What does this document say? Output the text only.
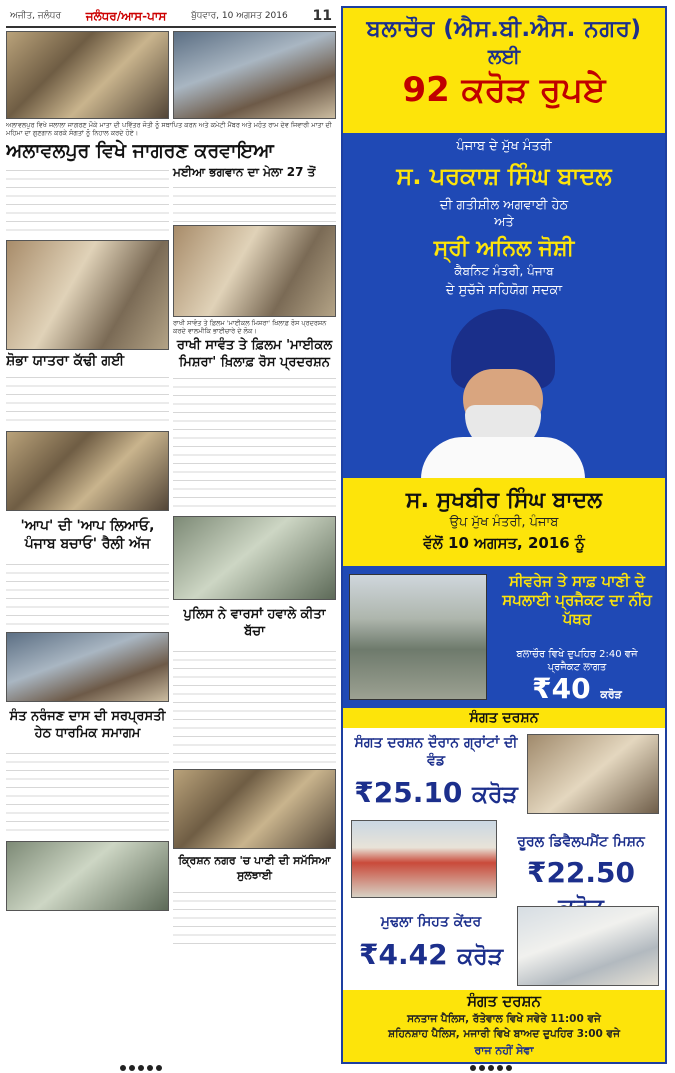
ਅਜੀਤ, ਜਲੰਧਰ ਜਲੰਧਰ/ਆਸ-ਪਾਸ	ਬੁੱਧਵਾਰ, 10 ਅਗਸਤ 2016 11
ਅਲਾਵਲਪੁਰ ਵਿਖੇ ਜਲਾਲਾ ਜਾਗਰਣ ਮੌਕੇ ਮਾਤਾ ਦੀ ਪਵਿੱਤਰ ਜੋਤੀ ਨੂੰ ਸਥਾਪਿਤ ਕਰਨ ਅਤੇ ਕਮੇਟੀ ਮੈਂਬਰ ਅਤੇ ਮਹੰਤ ਰਾਮ ਦੇਵ ਜਿਵਾਰੀ ਮਾਤਾ ਦੀ ਮਹਿਮਾ ਦਾ ਗੁਣਗਾਨ ਕਰਕੇ ਸੰਗਤਾਂ ਨੂੰ ਨਿਹਾਲ ਕਰਦੇ ਹੋਏ।
ਅਲਾਵਲਪੁਰ ਵਿਖੇ ਜਾਗਰਣ ਕਰਵਾਇਆ
ਸ਼ੋਭਾ ਯਾਤਰਾ ਕੱਢੀ ਗਈ
'ਆਪ' ਦੀ 'ਆਪ ਲਿਆਓ, ਪੰਜਾਬ ਬਚਾਓ' ਰੈਲੀ ਅੱਜ
ਸੰਤ ਨਰੰਜਣ ਦਾਸ ਦੀ ਸਰਪ੍ਰਸਤੀ ਹੇਠ ਧਾਰਮਿਕ ਸਮਾਗਮ
ਮਈਆ ਭਗਵਾਨ ਦਾ ਮੇਲਾ 27 ਤੋਂ
ਰਾਖੀ ਸਾਵੰਤ ਤੇ ਫ਼ਿਲਮ 'ਮਾਈਕਲ ਮਿਸ਼ਰਾ' ਖ਼ਿਲਾਫ਼ ਰੋਸ ਪ੍ਰਦਰਸ਼ਨ ਕਰਦੇ ਵਾਲਮੀਕਿ ਭਾਈਚਾਰੇ ਦੇ ਲੋਕ।
ਰਾਖੀ ਸਾਵੰਤ ਤੇ ਫ਼ਿਲਮ 'ਮਾਈਕਲ ਮਿਸ਼ਰਾ' ਖ਼ਿਲਾਫ਼ ਰੋਸ ਪ੍ਰਦਰਸ਼ਨ
ਪੁਲਿਸ ਨੇ ਵਾਰਸਾਂ ਹਵਾਲੇ ਕੀਤਾ ਬੱਚਾ
ਕ੍ਰਿਸ਼ਨ ਨਗਰ 'ਚ ਪਾਣੀ ਦੀ ਸਮੱਸਿਆ ਸੁਲਝਾਈ
ਬਲਾਚੌਰ (ਐਸ.ਬੀ.ਐਸ. ਨਗਰ)
ਲਈ
92 ਕਰੋੜ ਰੁਪਏ
ਪੰਜਾਬ ਦੇ ਮੁੱਖ ਮੰਤਰੀ
ਸ. ਪਰਕਾਸ਼ ਸਿੰਘ ਬਾਦਲ
ਦੀ ਗਤੀਸ਼ੀਲ ਅਗਵਾਈ ਹੇਠ
ਅਤੇ
ਸ੍ਰੀ ਅਨਿਲ ਜੋਸ਼ੀ
ਕੈਬਨਿਟ ਮੰਤਰੀ, ਪੰਜਾਬ
ਦੇ ਸੁਚੱਜੇ ਸਹਿਯੋਗ ਸਦਕਾ
ਸ. ਸੁਖਬੀਰ ਸਿੰਘ ਬਾਦਲ
ਉਪ ਮੁੱਖ ਮੰਤਰੀ, ਪੰਜਾਬ
ਵੱਲੋਂ 10 ਅਗਸਤ, 2016 ਨੂੰ
ਸੀਵਰੇਜ ਤੇ ਸਾਫ਼ ਪਾਣੀ ਦੇ ਸਪਲਾਈ ਪ੍ਰਜੈਕਟ ਦਾ ਨੀਂਹ ਪੱਥਰ
ਬਲਾਚੌਰ ਵਿਖੇ ਦੁਪਹਿਰ 2:40 ਵਜੇ
ਪ੍ਰਜੈਕਟ ਲਾਗਤ
₹40 ਕਰੋੜ
ਸੰਗਤ ਦਰਸ਼ਨ
ਸੰਗਤ ਦਰਸ਼ਨ ਦੌਰਾਨ ਗ੍ਰਾਂਟਾਂ ਦੀ ਵੰਡ
₹25.10 ਕਰੋੜ
ਰੂਰਲ ਡਿਵੈਲਪਮੈਂਟ ਮਿਸ਼ਨ
₹22.50
ਮੁਢਲਾ ਸਿਹਤ ਕੇਂਦਰ
₹4.42 ਕਰੋੜ
ਸੰਗਤ ਦਰਸ਼ਨ
ਸਨਤਾਜ ਪੈਲਿਸ, ਰੱਤੇਵਾਲ ਵਿਖੇ ਸਵੇਰੇ 11:00 ਵਜੇ
ਸ਼ਹਿਨਸ਼ਾਹ ਪੈਲਿਸ, ਮਜਾਰੀ ਵਿਖੇ ਬਾਅਦ ਦੁਪਹਿਰ 3:00 ਵਜੇ
ਰਾਜ ਨਹੀਂ ਸੇਵਾ
